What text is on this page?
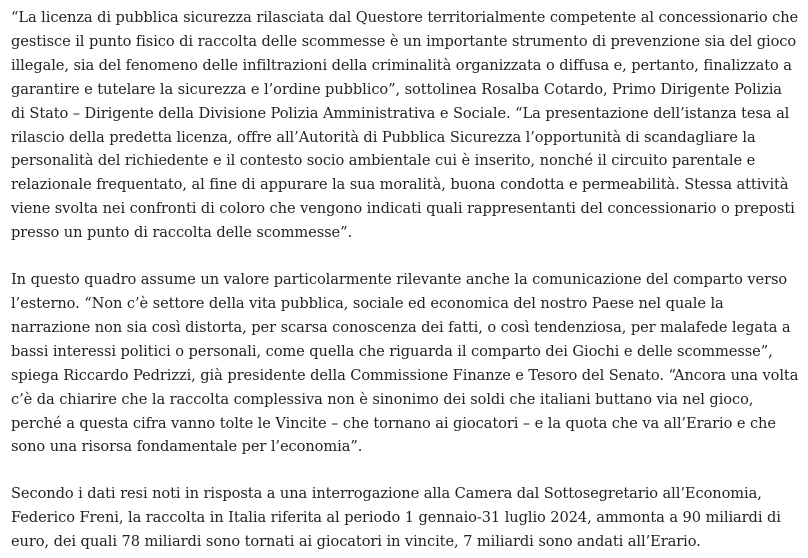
“La licenza di pubblica sicurezza rilasciata dal Questore territorialmente competente al concessionario che gestisce il punto fisico di raccolta delle scommesse è un importante strumento di prevenzione sia del gioco illegale, sia del fenomeno delle infiltrazioni della criminalità organizzata o diffusa e, pertanto, finalizzato a garantire e tutelare la sicurezza e l’ordine pubblico”, sottolinea Rosalba Cotardo, Primo Dirigente Polizia di Stato – Dirigente della Divisione Polizia Amministrativa e Sociale. “La presentazione dell’istanza tesa al rilascio della predetta licenza, offre all’Autorità di Pubblica Sicurezza l’opportunità di scandagliare la personalità del richiedente e il contesto socio ambientale cui è inserito, nonché il circuito parentale e relazionale frequentato, al fine di appurare la sua moralità, buona condotta e permeabilità. Stessa attività viene svolta nei confronti di coloro che vengono indicati quali rappresentanti del concessionario o preposti presso un punto di raccolta delle scommesse”.

In questo quadro assume un valore particolarmente rilevante anche la comunicazione del comparto verso l’esterno. “Non c’è settore della vita pubblica, sociale ed economica del nostro Paese nel quale la narrazione non sia così distorta, per scarsa conoscenza dei fatti, o così tendenziosa, per malafede legata a bassi interessi politici o personali, come quella che riguarda il comparto dei Giochi e delle scommesse”, spiega Riccardo Pedrizzi, già presidente della Commissione Finanze e Tesoro del Senato. “Ancora una volta c’è da chiarire che la raccolta complessiva non è sinonimo dei soldi che italiani buttano via nel gioco, perché a questa cifra vanno tolte le Vincite – che tornano ai giocatori – e la quota che va all’Erario e che sono una risorsa fondamentale per l’economia”.

Secondo i dati resi noti in risposta a una interrogazione alla Camera dal Sottosegretario all’Economia, Federico Freni, la raccolta in Italia riferita al periodo 1 gennaio-31 luglio 2024, ammonta a 90 miliardi di euro, dei quali 78 miliardi sono tornati ai giocatori in vincite, 7 miliardi sono andati all’Erario.
